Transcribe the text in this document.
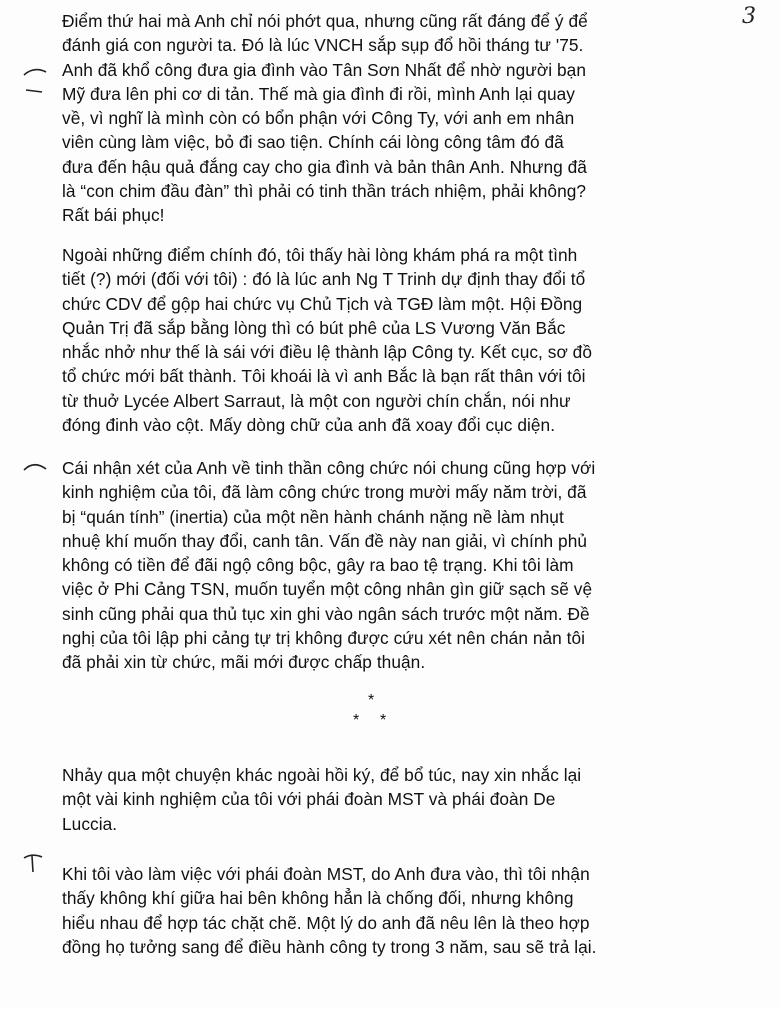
3

Điểm thứ hai mà Anh chỉ nói phớt qua, nhưng cũng rất đáng để ý để
đánh giá con người ta. Đó là lúc VNCH sắp sụp đổ hồi tháng tư '75.
Anh đã khổ công đưa gia đình vào Tân Sơn Nhất để nhờ người bạn
Mỹ đưa lên phi cơ di tản. Thế mà gia đình đi rồi, mình Anh lại quay
về, vì nghĩ là mình còn có bổn phận với Công Ty, với anh em nhân
viên cùng làm việc, bỏ đi sao tiện. Chính cái lòng công tâm đó đã
đưa đến hậu quả đắng cay cho gia đình và bản thân Anh. Nhưng đã
là “con chim đầu đàn” thì phải có tinh thần trách nhiệm, phải không?
Rất bái phục!

Ngoài những điểm chính đó, tôi thấy hài lòng khám phá ra một tình
tiết (?) mới (đối với tôi) : đó là lúc anh Ng T Trinh dự định thay đổi tổ
chức CDV để gộp hai chức vụ Chủ Tịch và TGĐ làm một. Hội Đồng
Quản Trị đã sắp bằng lòng thì có bút phê của LS Vương Văn Bắc
nhắc nhở như thế là sái với điều lệ thành lập Công ty. Kết cục, sơ đồ
tổ chức mới bất thành. Tôi khoái là vì anh Bắc là bạn rất thân với tôi
từ thuở Lycée Albert Sarraut, là một con người chín chắn, nói như
đóng đinh vào cột. Mấy dòng chữ của anh đã xoay đổi cục diện.

Cái nhận xét của Anh về tinh thần công chức nói chung cũng hợp với
kinh nghiệm của tôi, đã làm công chức trong mười mấy năm trời, đã
bị “quán tính” (inertia) của một nền hành chánh nặng nề làm nhụt
nhuệ khí muốn thay đổi, canh tân. Vấn đề này nan giải, vì chính phủ
không có tiền để đãi ngộ công bộc, gây ra bao tệ trạng. Khi tôi làm
việc ở Phi Cảng TSN, muốn tuyển một công nhân gìn giữ sạch sẽ vệ
sinh cũng phải qua thủ tục xin ghi vào ngân sách trước một năm. Đề
nghị của tôi lập phi cảng tự trị không được cứu xét nên chán nản tôi
đã phải xin từ chức, mãi mới được chấp thuận.

*
* *

Nhảy qua một chuyện khác ngoài hồi ký, để bổ túc, nay xin nhắc lại
một vài kinh nghiệm của tôi với phái đoàn MST và phái đoàn De
Luccia.

Khi tôi vào làm việc với phái đoàn MST, do Anh đưa vào, thì tôi nhận
thấy không khí giữa hai bên không hẳn là chống đối, nhưng không
hiểu nhau để hợp tác chặt chẽ. Một lý do anh đã nêu lên là theo hợp
đồng họ tưởng sang để điều hành công ty trong 3 năm, sau sẽ trả lại.
